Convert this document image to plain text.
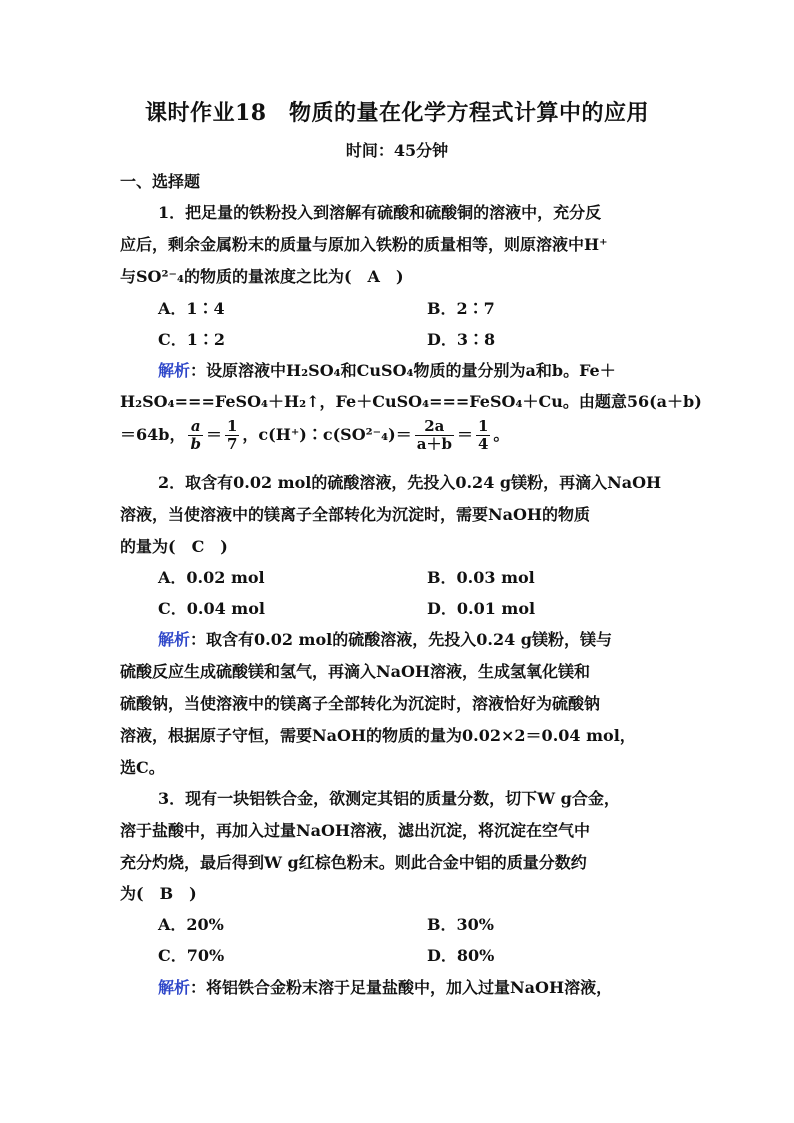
课时作业18　物质的量在化学方程式计算中的应用
时间：45分钟
一、选择题
1．把足量的铁粉投入到溶解有硫酸和硫酸铜的溶液中，充分反
应后，剩余金属粉末的质量与原加入铁粉的质量相等，则原溶液中H⁺
与SO²⁻₄的物质的量浓度之比为(　A　)
A．1∶4	B．2∶7
C．1∶2	D．3∶8
解析：设原溶液中H₂SO₄和CuSO₄物质的量分别为a和b。Fe＋
H₂SO₄===FeSO₄＋H₂↑，Fe＋CuSO₄===FeSO₄＋Cu。由题意56(a＋b)
＝64b， $\frac{a}{b} = \frac{1}{7}$ ，c(H⁺)∶c(SO²⁻₄)＝ $\frac{2a}{a+b} = \frac{1}{4}$ 。
2．取含有0.02 mol的硫酸溶液，先投入0.24 g镁粉，再滴入NaOH
溶液，当使溶液中的镁离子全部转化为沉淀时，需要NaOH的物质
的量为(　C　)
A．0.02 mol	B．0.03 mol
C．0.04 mol	D．0.01 mol
解析：取含有0.02 mol的硫酸溶液，先投入0.24 g镁粉，镁与
硫酸反应生成硫酸镁和氢气，再滴入NaOH溶液，生成氢氧化镁和
硫酸钠，当使溶液中的镁离子全部转化为沉淀时，溶液恰好为硫酸钠
溶液，根据原子守恒，需要NaOH的物质的量为0.02×2＝0.04 mol，
选C。
3．现有一块铝铁合金，欲测定其铝的质量分数，切下W g合金，
溶于盐酸中，再加入过量NaOH溶液，滤出沉淀，将沉淀在空气中
充分灼烧，最后得到W g红棕色粉末。则此合金中铝的质量分数约
为(　B　)
A．20%	B．30%
C．70%	D．80%
解析：将铝铁合金粉末溶于足量盐酸中，加入过量NaOH溶液，
